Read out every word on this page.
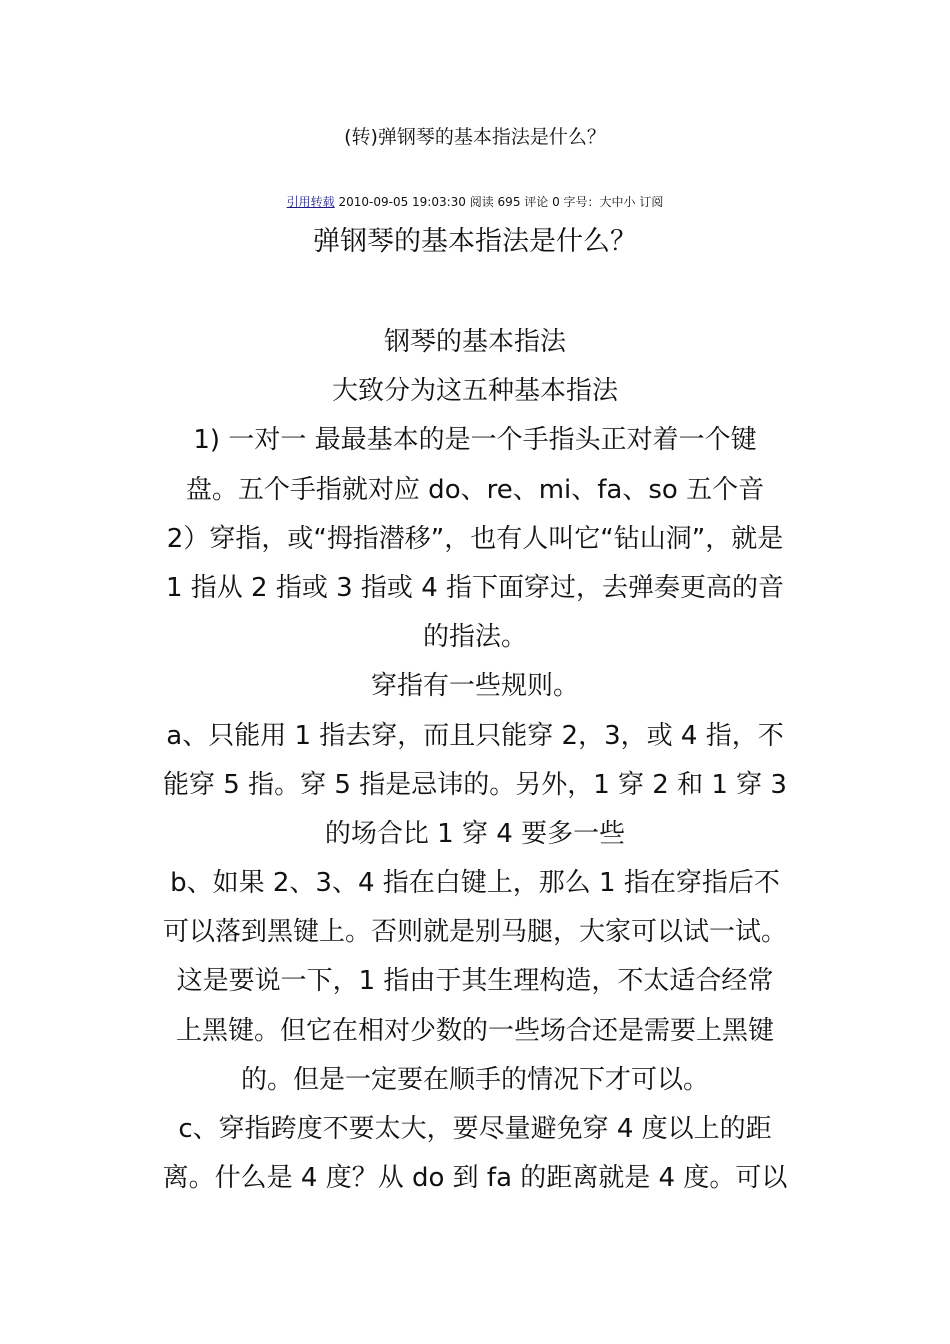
(转)弹钢琴的基本指法是什么？
引用转载 2010-09-05 19:03:30 阅读 695 评论 0 字号：大中小 订阅
弹钢琴的基本指法是什么？
钢琴的基本指法
大致分为这五种基本指法
1) 一对一 最最基本的是一个手指头正对着一个键
盘。五个手指就对应 do、re、mi、fa、so 五个音
2）穿指，或“拇指潜移”，也有人叫它“钻山洞”，就是
1 指从 2 指或 3 指或 4 指下面穿过，去弹奏更高的音
的指法。
穿指有一些规则。
a、只能用 1 指去穿，而且只能穿 2，3，或 4 指，不
能穿 5 指。穿 5 指是忌讳的。另外，1 穿 2 和 1 穿 3
的场合比 1 穿 4 要多一些
b、如果 2、3、4 指在白键上，那么 1 指在穿指后不
可以落到黑键上。否则就是别马腿，大家可以试一试。
这是要说一下，1 指由于其生理构造，不太适合经常
上黑键。但它在相对少数的一些场合还是需要上黑键
的。但是一定要在顺手的情况下才可以。
c、穿指跨度不要太大，要尽量避免穿 4 度以上的距
离。什么是 4 度？从 do 到 fa 的距离就是 4 度。可以
